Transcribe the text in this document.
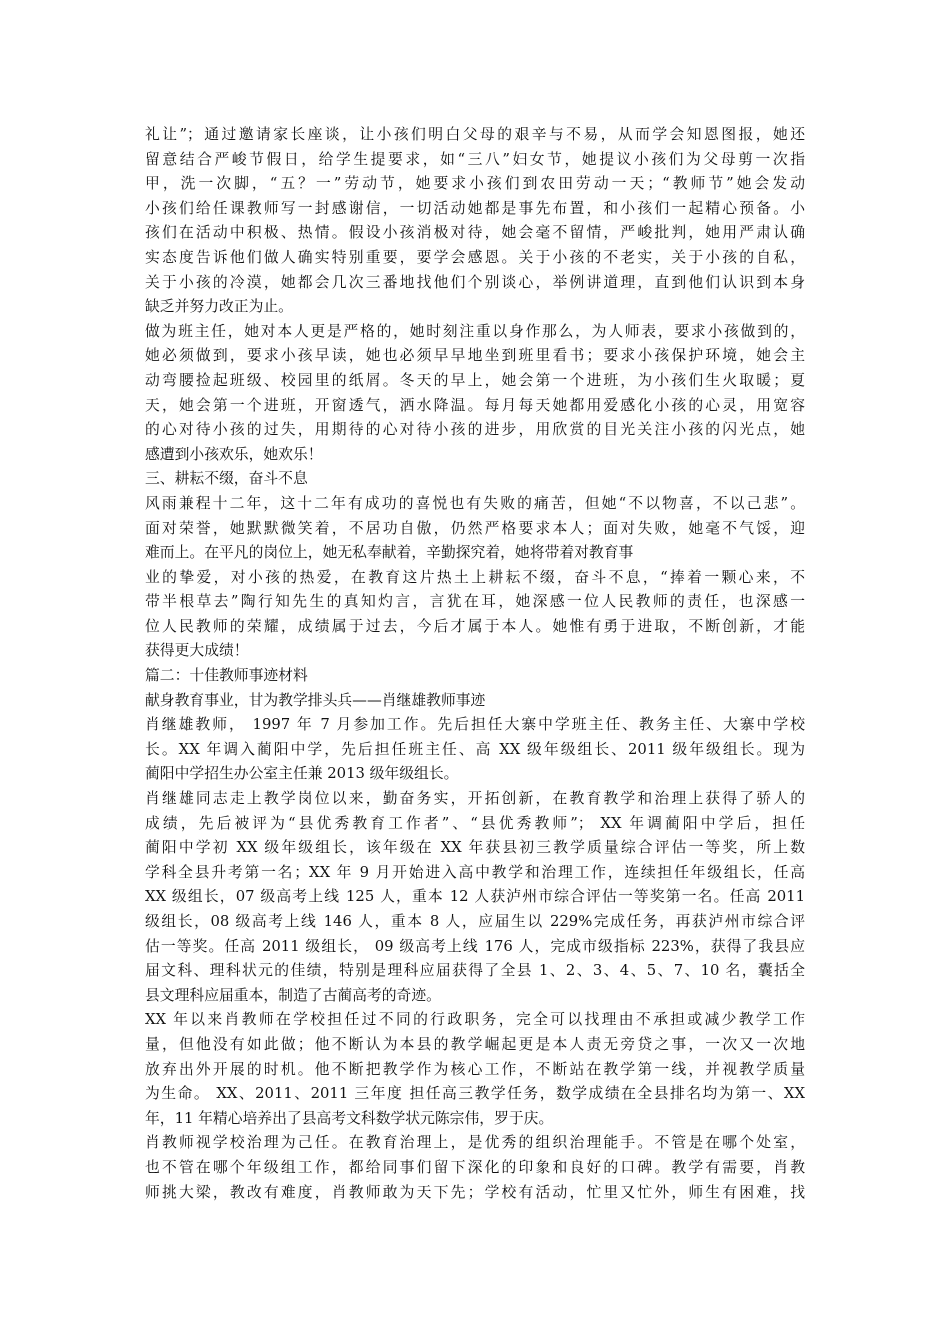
礼让”；通过邀请家长座谈，让小孩们明白父母的艰辛与不易，从而学会知恩图报，她还
留意结合严峻节假日，给学生提要求，如“三八”妇女节，她提议小孩们为父母剪一次指
甲，洗一次脚，“五？一”劳动节，她要求小孩们到农田劳动一天；“教师节”她会发动
小孩们给任课教师写一封感谢信，一切活动她都是事先布置，和小孩们一起精心预备。小
孩们在活动中积极、热情。假设小孩消极对待，她会毫不留情，严峻批判，她用严肃认确
实态度告诉他们做人确实特别重要，要学会感恩。关于小孩的不老实，关于小孩的自私，
关于小孩的冷漠，她都会几次三番地找他们个别谈心，举例讲道理，直到他们认识到本身
缺乏并努力改正为止。
做为班主任，她对本人更是严格的，她时刻注重以身作那么，为人师表，要求小孩做到的，
她必须做到，要求小孩早读，她也必须早早地坐到班里看书；要求小孩保护环境，她会主
动弯腰捡起班级、校园里的纸屑。冬天的早上，她会第一个进班，为小孩们生火取暖；夏
天，她会第一个进班，开窗透气，洒水降温。每月每天她都用爱感化小孩的心灵，用宽容
的心对待小孩的过失，用期待的心对待小孩的进步，用欣赏的目光关注小孩的闪光点，她
感遭到小孩欢乐，她欢乐！
三、耕耘不缀，奋斗不息
风雨兼程十二年，这十二年有成功的喜悦也有失败的痛苦，但她“不以物喜，不以己悲”。
面对荣誉，她默默微笑着，不居功自傲，仍然严格要求本人；面对失败，她毫不气馁，迎
难而上。在平凡的岗位上，她无私奉献着，辛勤探究着，她将带着对教育事
业的挚爱，对小孩的热爱，在教育这片热土上耕耘不缀，奋斗不息，“捧着一颗心来，不
带半根草去”陶行知先生的真知灼言，言犹在耳，她深感一位人民教师的责任，也深感一
位人民教师的荣耀，成绩属于过去，今后才属于本人。她惟有勇于进取，不断创新，才能
获得更大成绩！
篇二：十佳教师事迹材料
献身教育事业，甘为教学排头兵——肖继雄教师事迹
肖继雄教师， 1997 年 7 月参加工作。先后担任大寨中学班主任、教务主任、大寨中学校
长。XX 年调入蔺阳中学，先后担任班主任、高 XX 级年级组长、2011 级年级组长。现为
蔺阳中学招生办公室主任兼 2013 级年级组长。
肖继雄同志走上教学岗位以来，勤奋务实，开拓创新，在教育教学和治理上获得了骄人的
成绩，先后被评为“县优秀教育工作者”、“县优秀教师”； XX 年调蔺阳中学后，担任
蔺阳中学初 XX 级年级组长，该年级在 XX 年获县初三教学质量综合评估一等奖，所上数
学科全县升考第一名；XX 年 9 月开始进入高中教学和治理工作，连续担任年级组长，任高
XX 级组长，07 级高考上线 125 人，重本 12 人获泸州市综合评估一等奖第一名。任高 2011
级组长，08 级高考上线 146 人，重本 8 人，应届生以 229%完成任务，再获泸州市综合评
估一等奖。任高 2011 级组长， 09 级高考上线 176 人，完成市级指标 223%，获得了我县应
届文科、理科状元的佳绩，特别是理科应届获得了全县 1、2、3、4、5、7、10 名，囊括全
县文理科应届重本，制造了古蔺高考的奇迹。
XX 年以来肖教师在学校担任过不同的行政职务，完全可以找理由不承担或减少教学工作
量，但他没有如此做；他不断认为本县的教学崛起更是本人责无旁贷之事，一次又一次地
放弃出外开展的时机。他不断把教学作为核心工作，不断站在教学第一线，并视教学质量
为生命。 XX、2011、2011 三年度 担任高三教学任务，数学成绩在全县排名均为第一、XX
年，11 年精心培养出了县高考文科数学状元陈宗伟，罗于庆。
肖教师视学校治理为己任。在教育治理上，是优秀的组织治理能手。不管是在哪个处室，
也不管在哪个年级组工作，都给同事们留下深化的印象和良好的口碑。教学有需要，肖教
师挑大梁，教改有难度，肖教师敢为天下先；学校有活动，忙里又忙外，师生有困难，找
